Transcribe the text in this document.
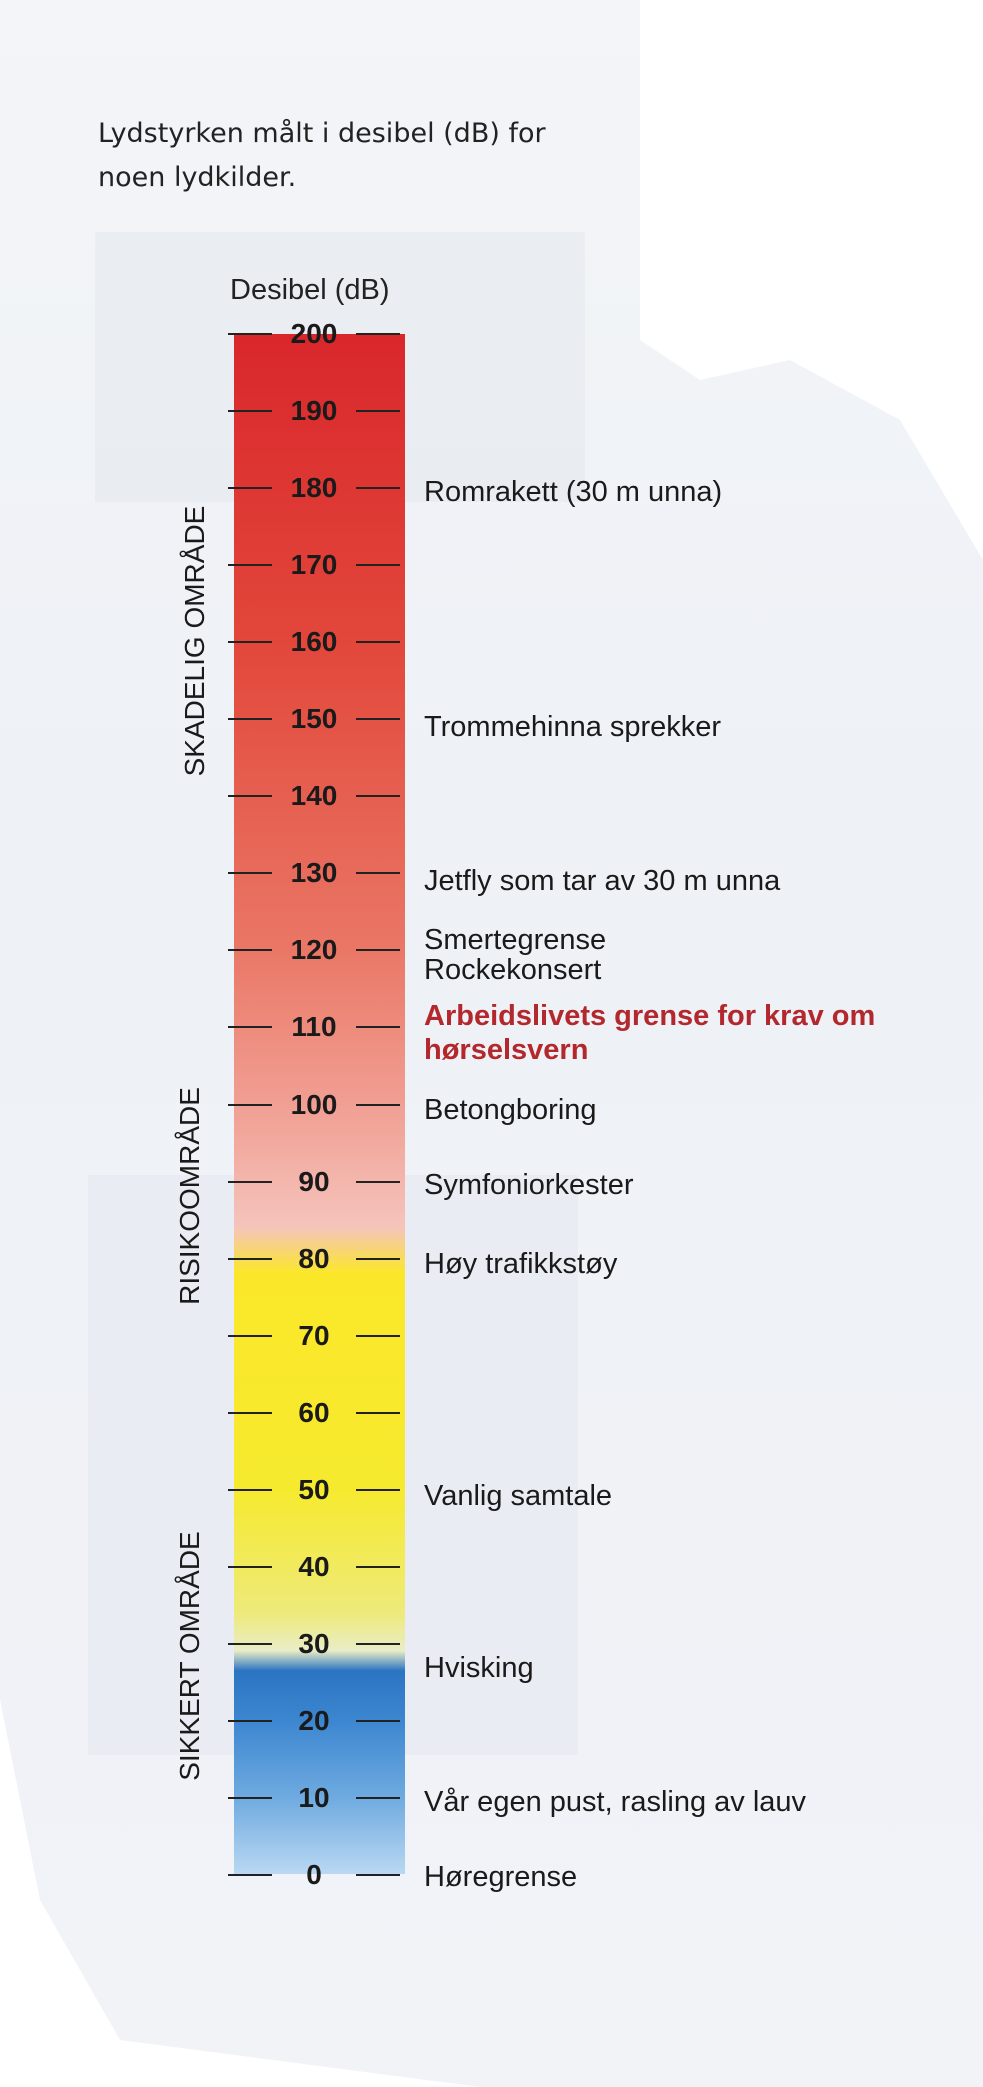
Lydstyrken målt i desibel (dB) for noen lydkilder.
Desibel (dB)
200
190
180
170
160
150
140
130
120
110
100
90
80
70
60
50
40
30
20
10
0
SKADELIG OMRÅDE
RISIKOOMRÅDE
SIKKERT OMRÅDE
Romrakett (30 m unna)
Trommehinna sprekker
Jetfly som tar av 30 m unna
Smertegrense
Rockekonsert
Arbeidslivets grense for krav om
hørselsvern
Betongboring
Symfoniorkester
Høy trafikkstøy
Vanlig samtale
Hvisking
Vår egen pust, rasling av lauv
Høregrense
